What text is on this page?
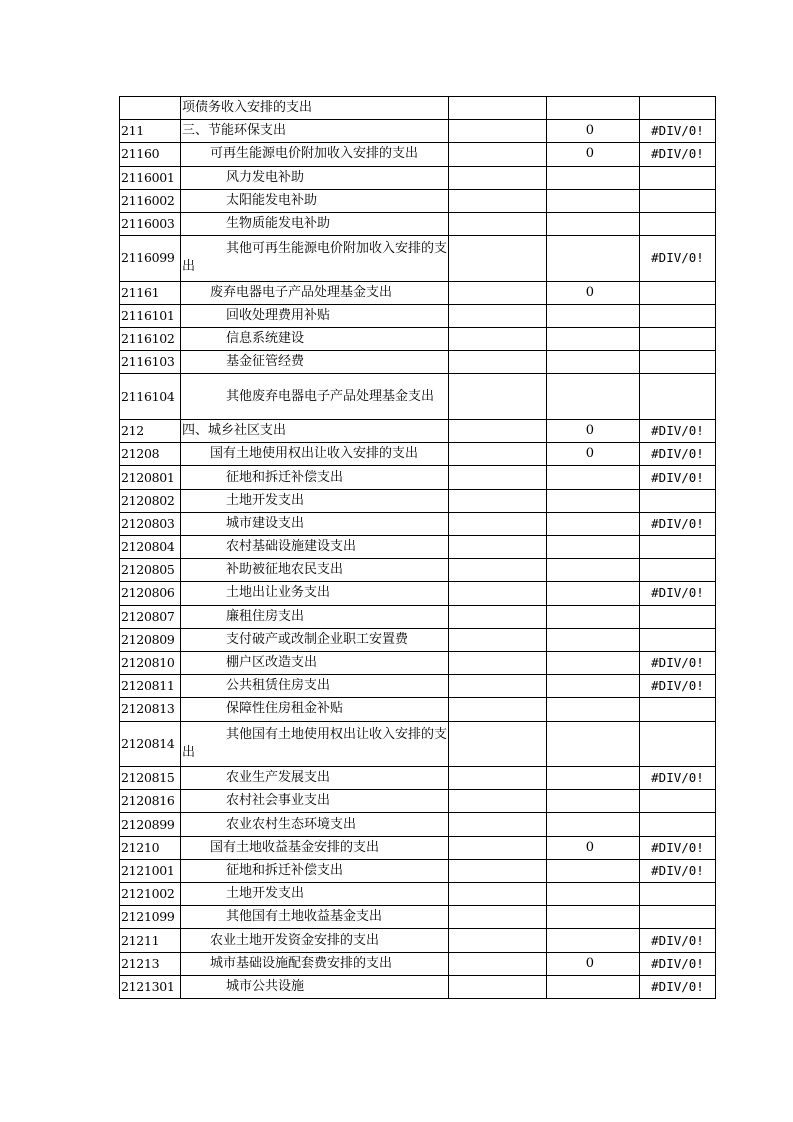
	项债务收入安排的支出			
211	三、节能环保支出		0	#DIV/0!
21160	可再生能源电价附加收入安排的支出		0	#DIV/0!
2116001	风力发电补助			
2116002	太阳能发电补助			
2116003	生物质能发电补助			
2116099	其他可再生能源电价附加收入安排的支出			#DIV/0!
21161	废弃电器电子产品处理基金支出		0	
2116101	回收处理费用补贴			
2116102	信息系统建设			
2116103	基金征管经费			
2116104	其他废弃电器电子产品处理基金支出			
212	四、城乡社区支出		0	#DIV/0!
21208	国有土地使用权出让收入安排的支出		0	#DIV/0!
2120801	征地和拆迁补偿支出			#DIV/0!
2120802	土地开发支出			
2120803	城市建设支出			#DIV/0!
2120804	农村基础设施建设支出			
2120805	补助被征地农民支出			
2120806	土地出让业务支出			#DIV/0!
2120807	廉租住房支出			
2120809	支付破产或改制企业职工安置费			
2120810	棚户区改造支出			#DIV/0!
2120811	公共租赁住房支出			#DIV/0!
2120813	保障性住房租金补贴			
2120814	其他国有土地使用权出让收入安排的支出			
2120815	农业生产发展支出			#DIV/0!
2120816	农村社会事业支出			
2120899	农业农村生态环境支出			
21210	国有土地收益基金安排的支出		0	#DIV/0!
2121001	征地和拆迁补偿支出			#DIV/0!
2121002	土地开发支出			
2121099	其他国有土地收益基金支出			
21211	农业土地开发资金安排的支出			#DIV/0!
21213	城市基础设施配套费安排的支出		0	#DIV/0!
2121301	城市公共设施			#DIV/0!
